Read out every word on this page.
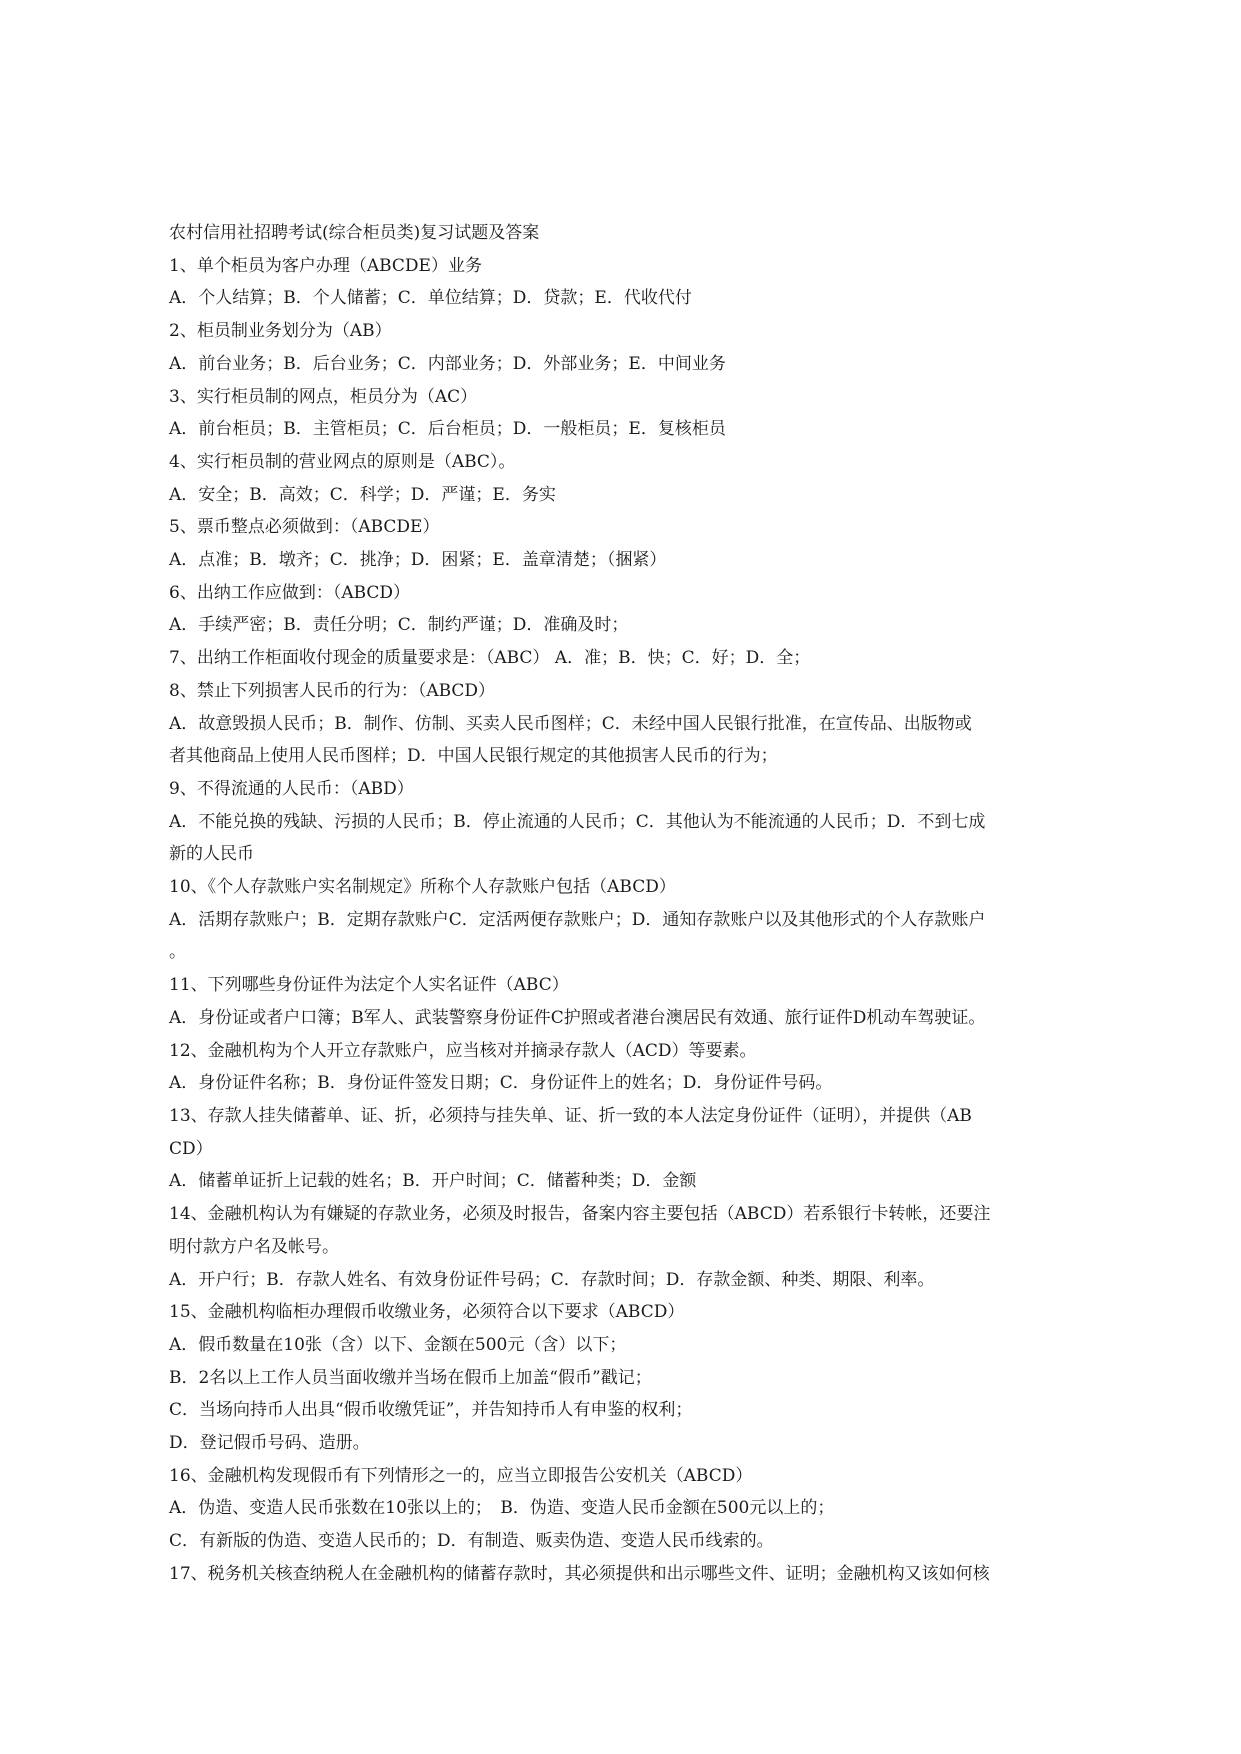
农村信用社招聘考试(综合柜员类)复习试题及答案

1、单个柜员为客户办理（ABCDE）业务

A．个人结算；B．个人储蓄；C．单位结算；D．贷款；E．代收代付

2、柜员制业务划分为（AB）

A．前台业务；B．后台业务；C．内部业务；D．外部业务；E．中间业务

3、实行柜员制的网点，柜员分为（AC）

A．前台柜员；B．主管柜员；C．后台柜员；D．一般柜员；E．复核柜员

4、实行柜员制的营业网点的原则是（ABC）。

A．安全；B．高效；C．科学；D．严谨；E．务实

5、票币整点必须做到：（ABCDE）

A．点准；B．墩齐；C．挑净；D．困紧；E．盖章清楚；（捆紧）

6、出纳工作应做到：（ABCD）

A．手续严密；B．责任分明；C．制约严谨；D．准确及时；

7、出纳工作柜面收付现金的质量要求是：（ABC） A．准；B．快；C．好；D．全；

8、禁止下列损害人民币的行为：（ABCD）

A．故意毁损人民币；B．制作、仿制、买卖人民币图样；C．未经中国人民银行批准，在宣传品、出版物或

者其他商品上使用人民币图样；D．中国人民银行规定的其他损害人民币的行为；

9、不得流通的人民币：（ABD）

A．不能兑换的残缺、污损的人民币；B．停止流通的人民币；C．其他认为不能流通的人民币；D．不到七成

新的人民币

10、《个人存款账户实名制规定》所称个人存款账户包括（ABCD）

A．活期存款账户；B．定期存款账户C．定活两便存款账户；D．通知存款账户以及其他形式的个人存款账户

。

11、下列哪些身份证件为法定个人实名证件（ABC）

A．身份证或者户口簿；B军人、武装警察身份证件C护照或者港台澳居民有效通、旅行证件D机动车驾驶证。

12、金融机构为个人开立存款账户，应当核对并摘录存款人（ACD）等要素。

A．身份证件名称；B．身份证件签发日期；C．身份证件上的姓名；D．身份证件号码。

13、存款人挂失储蓄单、证、折，必须持与挂失单、证、折一致的本人法定身份证件（证明），并提供（AB

CD）

A．储蓄单证折上记载的姓名；B．开户时间；C．储蓄种类；D．金额

14、金融机构认为有嫌疑的存款业务，必须及时报告，备案内容主要包括（ABCD）若系银行卡转帐，还要注

明付款方户名及帐号。

A．开户行；B．存款人姓名、有效身份证件号码；C．存款时间；D．存款金额、种类、期限、利率。

15、金融机构临柜办理假币收缴业务，必须符合以下要求（ABCD）

A．假币数量在10张（含）以下、金额在500元（含）以下；

B．2名以上工作人员当面收缴并当场在假币上加盖“假币”戳记；

C．当场向持币人出具“假币收缴凭证”，并告知持币人有申鉴的权利；

D．登记假币号码、造册。

16、金融机构发现假币有下列情形之一的，应当立即报告公安机关（ABCD）

A．伪造、变造人民币张数在10张以上的；　B．伪造、变造人民币金额在500元以上的；

C．有新版的伪造、变造人民币的；D．有制造、贩卖伪造、变造人民币线索的。

17、税务机关核查纳税人在金融机构的储蓄存款时，其必须提供和出示哪些文件、证明；金融机构又该如何核
